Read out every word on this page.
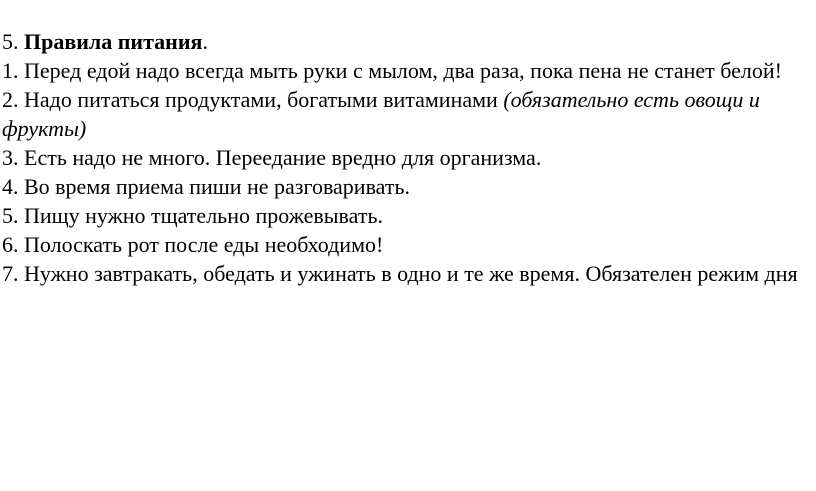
5. Правила питания.

1. Перед едой надо всегда мыть руки с мылом, два раза, пока пена не станет белой!

2. Надо питаться продуктами, богатыми витаминами (обязательно есть овощи и фрукты)

3. Есть надо не много. Переедание вредно для организма.

4. Во время приема пиши не разговаривать.

5. Пищу нужно тщательно прожевывать.

6. Полоскать рот после еды необходимо!

7. Нужно завтракать, обедать и ужинать в одно и те же время. Обязателен режим дня
